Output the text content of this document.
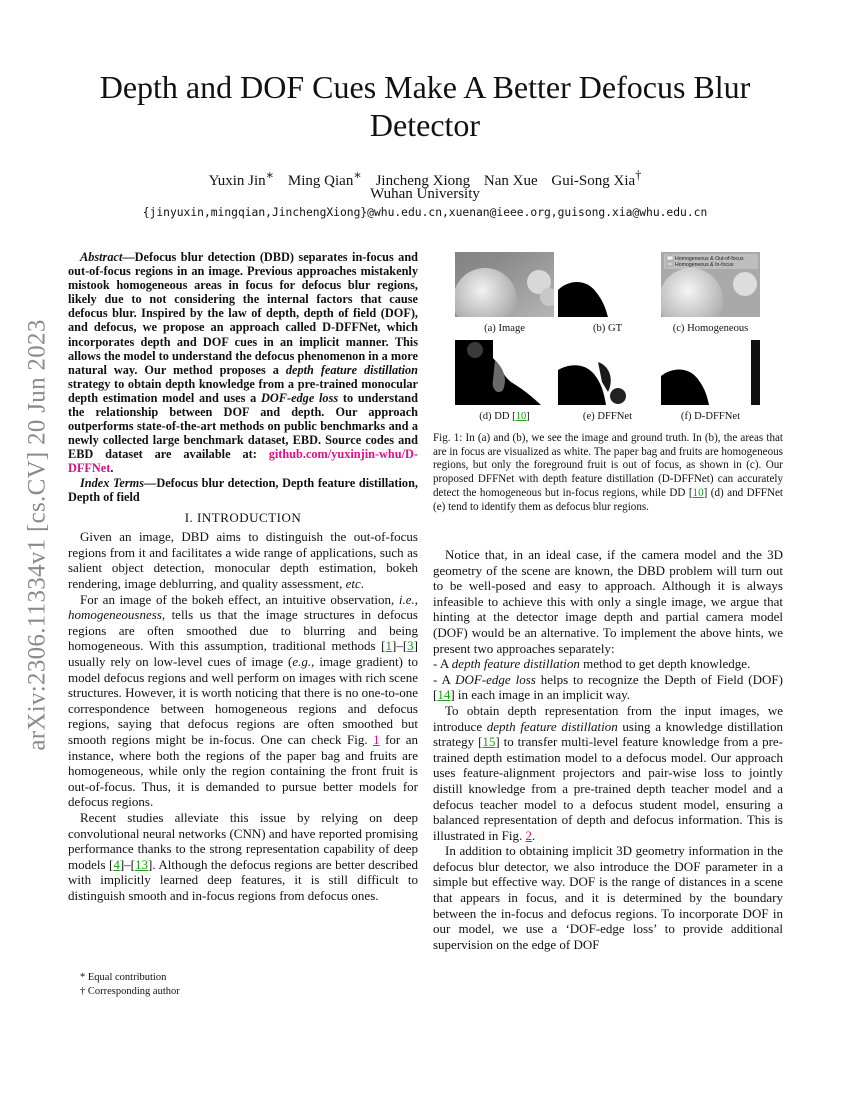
arXiv:2306.11334v1 [cs.CV] 20 Jun 2023
Depth and DOF Cues Make A Better Defocus Blur Detector
Yuxin Jin∗ Ming Qian∗ Jincheng Xiong Nan Xue Gui-Song Xia†
Wuhan University
{jinyuxin,mingqian,JinchengXiong}@whu.edu.cn,xuenan@ieee.org,guisong.xia@whu.edu.cn

Abstract—Defocus blur detection (DBD) separates in-focus and out-of-focus regions in an image. Previous approaches mistakenly mistook homogeneous areas in focus for defocus blur regions, likely due to not considering the internal factors that cause defocus blur. Inspired by the law of depth, depth of field (DOF), and defocus, we propose an approach called D-DFFNet, which incorporates depth and DOF cues in an implicit manner. This allows the model to understand the defocus phenomenon in a more natural way. Our method proposes a depth feature distillation strategy to obtain depth knowledge from a pre-trained monocular depth estimation model and uses a DOF-edge loss to understand the relationship between DOF and depth. Our approach outperforms state-of-the-art methods on public benchmarks and a newly collected large benchmark dataset, EBD. Source codes and EBD dataset are available at: github.com/yuxinjin-whu/D-DFFNet.

Index Terms—Defocus blur detection, Depth feature distillation, Depth of field

I. INTRODUCTION

Given an image, DBD aims to distinguish the out-of-focus regions from it and facilitates a wide range of applications, such as salient object detection, monocular depth estimation, bokeh rendering, image deblurring, and quality assessment, etc.

For an image of the bokeh effect, an intuitive observation, i.e., homogeneousness, tells us that the image structures in defocus regions are often smoothed due to blurring and being homogeneous. With this assumption, traditional methods [1]–[3] usually rely on low-level cues of image (e.g., image gradient) to model defocus regions and well perform on images with rich scene structures. However, it is worth noticing that there is no one-to-one correspondence between homogeneous regions and defocus regions, saying that defocus regions are often smoothed but smooth regions might be in-focus. One can check Fig. 1 for an instance, where both the regions of the paper bag and fruits are homogeneous, while only the region containing the front fruit is out-of-focus. Thus, it is demanded to pursue better models for defocus regions.

Recent studies alleviate this issue by relying on deep convolutional neural networks (CNN) and have reported promising performance thanks to the strong representation capability of deep models [4]–[13]. Although the defocus regions are better described with implicitly learned deep features, it is still difficult to distinguish smooth and in-focus regions from defocus ones.

* Equal contribution
† Corresponding author
Homogeneous & Out-of-focus
Homogeneous & In-focus
(a) Image	(b) GT	(c) Homogeneous
(d) DD [10]	(e) DFFNet	(f) D-DFFNet
Fig. 1: In (a) and (b), we see the image and ground truth. In (b), the areas that are in focus are visualized as white. The paper bag and fruits are homogeneous regions, but only the foreground fruit is out of focus, as shown in (c). Our proposed DFFNet with depth feature distillation (D-DFFNet) can accurately detect the homogeneous but in-focus regions, while DD [10] (d) and DFFNet (e) tend to identify them as defocus blur regions.

Notice that, in an ideal case, if the camera model and the 3D geometry of the scene are known, the DBD problem will turn out to be well-posed and easy to approach. Although it is always infeasible to achieve this with only a single image, we argue that hinting at the detector image depth and partial camera model (DOF) would be an alternative. To implement the above hints, we present two approaches separately:

- A depth feature distillation method to get depth knowledge.

- A DOF-edge loss helps to recognize the Depth of Field (DOF) [14] in each image in an implicit way.

To obtain depth representation from the input images, we introduce depth feature distillation using a knowledge distillation strategy [15] to transfer multi-level feature knowledge from a pre-trained depth estimation model to a defocus model. Our approach uses feature-alignment projectors and pair-wise loss to jointly distill knowledge from a pre-trained depth teacher model and a defocus teacher model to a defocus student model, ensuring a balanced representation of depth and defocus information. This is illustrated in Fig. 2.

In addition to obtaining implicit 3D geometry information in the defocus blur detector, we also introduce the DOF parameter in a simple but effective way. DOF is the range of distances in a scene that appears in focus, and it is determined by the boundary between the in-focus and defocus regions. To incorporate DOF in our model, we use a ‘DOF-edge loss’ to provide additional supervision on the edge of DOF
